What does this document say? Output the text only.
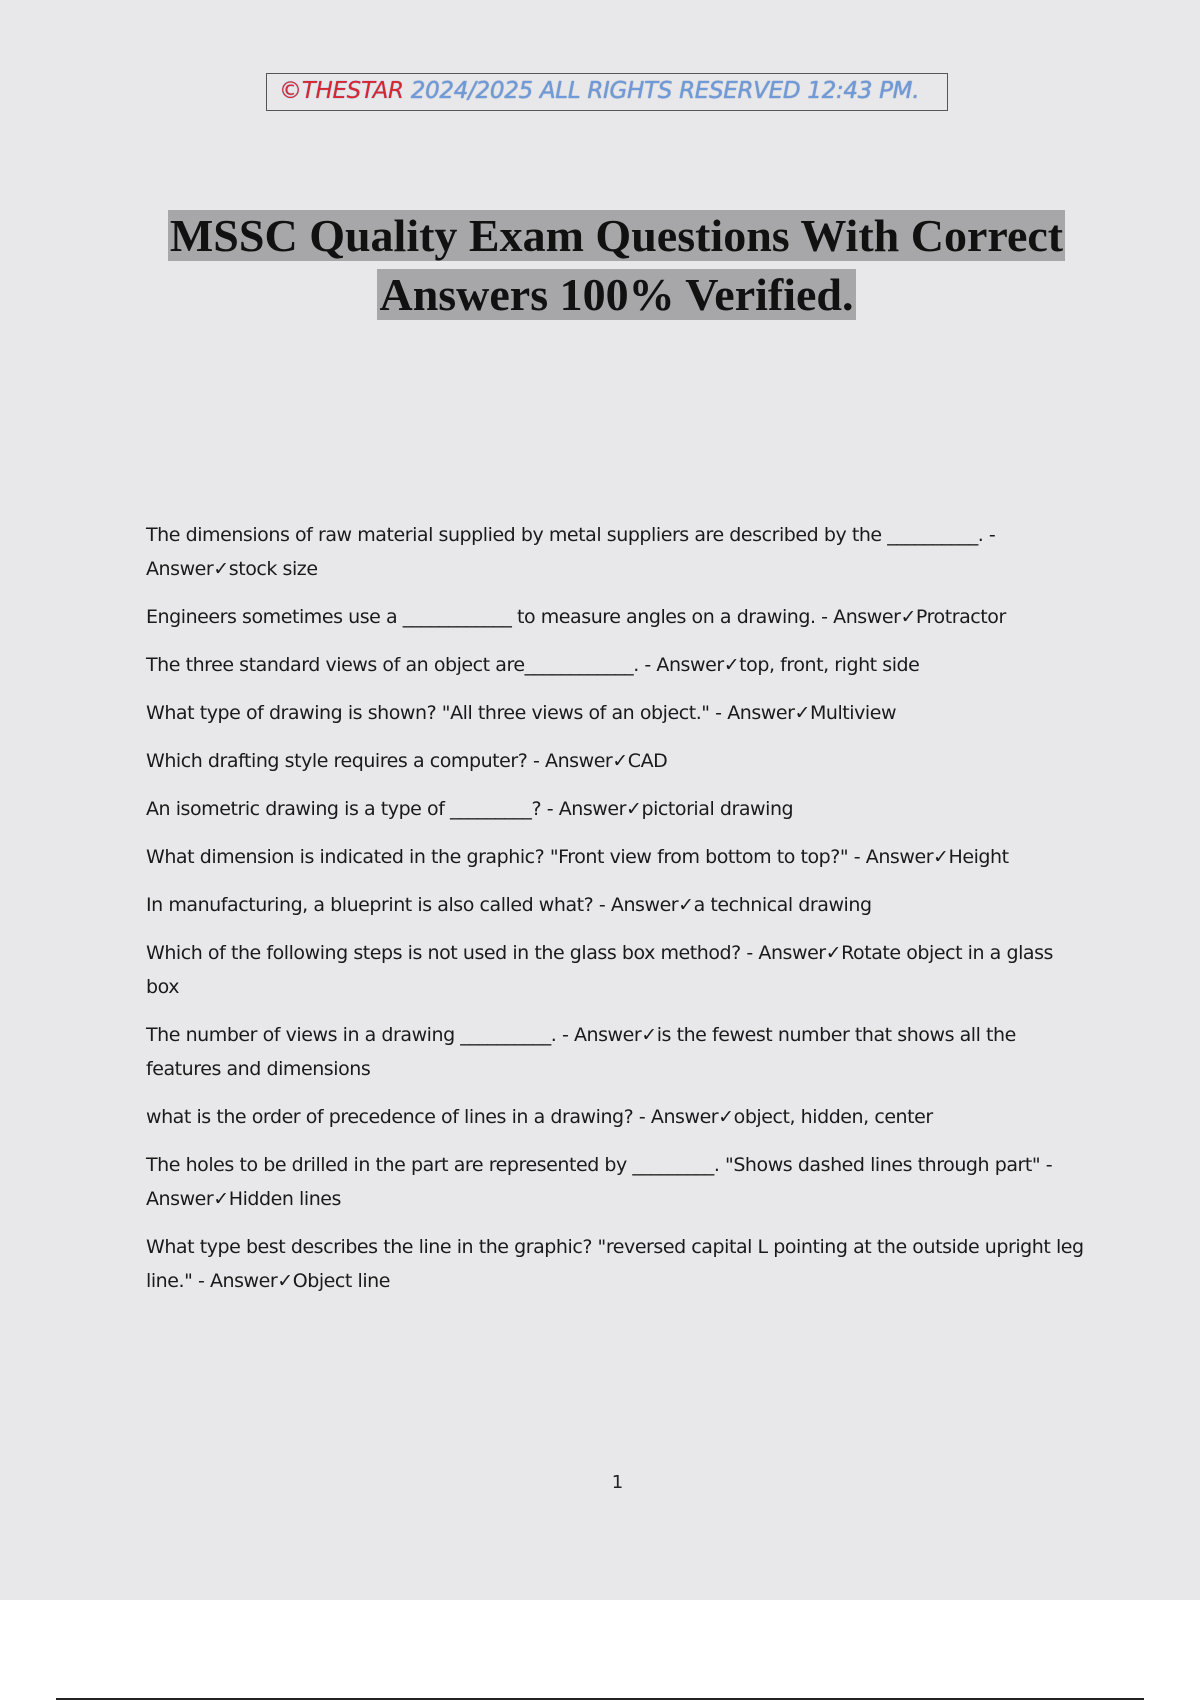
©THESTAR 2024/2025 ALL RIGHTS RESERVED 12:43 PM.
MSSC Quality Exam Questions With Correct
Answers 100% Verified.

The dimensions of raw material supplied by metal suppliers are described by the __________. - Answer✓stock size

Engineers sometimes use a ____________ to measure angles on a drawing. - Answer✓Protractor

The three standard views of an object are____________. - Answer✓top, front, right side

What type of drawing is shown? "All three views of an object." - Answer✓Multiview

Which drafting style requires a computer? - Answer✓CAD

An isometric drawing is a type of _________? - Answer✓pictorial drawing

What dimension is indicated in the graphic? "Front view from bottom to top?" - Answer✓Height

In manufacturing, a blueprint is also called what? - Answer✓a technical drawing

Which of the following steps is not used in the glass box method? - Answer✓Rotate object in a glass box

The number of views in a drawing __________. - Answer✓is the fewest number that shows all the features and dimensions

what is the order of precedence of lines in a drawing? - Answer✓object, hidden, center

The holes to be drilled in the part are represented by _________. "Shows dashed lines through part" - Answer✓Hidden lines

What type best describes the line in the graphic? "reversed capital L pointing at the outside upright leg line." - Answer✓Object line

1
